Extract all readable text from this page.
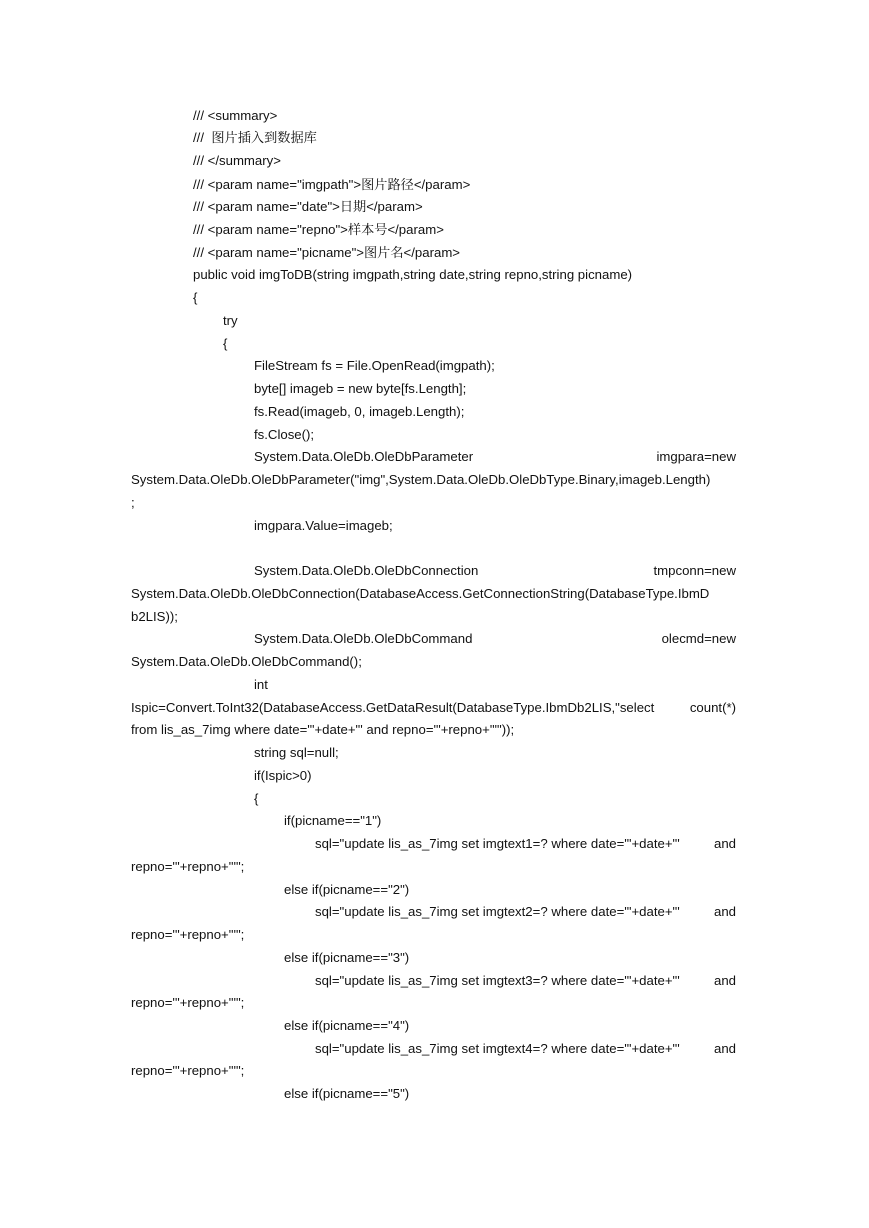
/// <summary>
///  图片插入到数据库
/// </summary>
/// <param name="imgpath">图片路径</param>
/// <param name="date">日期</param>
/// <param name="repno">样本号</param>
/// <param name="picname">图片名</param>
public void imgToDB(string imgpath,string date,string repno,string picname)
{
try
{
FileStream fs = File.OpenRead(imgpath);
byte[] imageb = new byte[fs.Length];
fs.Read(imageb, 0, imageb.Length);
fs.Close();
System.Data.OleDb.OleDbParameter	imgpara=new
System.Data.OleDb.OleDbParameter("img",System.Data.OleDb.OleDbType.Binary,imageb.Length)
;
imgpara.Value=imageb;
System.Data.OleDb.OleDbConnection	tmpconn=new
System.Data.OleDb.OleDbConnection(DatabaseAccess.GetConnectionString(DatabaseType.IbmD
b2LIS));
System.Data.OleDb.OleDbCommand	olecmd=new
System.Data.OleDb.OleDbCommand();
int
Ispic=Convert.ToInt32(DatabaseAccess.GetDataResult(DatabaseType.IbmDb2LIS,"select	count(*)
from lis_as_7img where date='"+date+"' and repno='"+repno+"'"));
string sql=null;
if(Ispic>0)
{
if(picname=="1")
sql="update lis_as_7img set imgtext1=? where date='"+date+"'	and
repno='"+repno+"'";
else if(picname=="2")
sql="update lis_as_7img set imgtext2=? where date='"+date+"'	and
repno='"+repno+"'";
else if(picname=="3")
sql="update lis_as_7img set imgtext3=? where date='"+date+"'	and
repno='"+repno+"'";
else if(picname=="4")
sql="update lis_as_7img set imgtext4=? where date='"+date+"'	and
repno='"+repno+"'";
else if(picname=="5")
